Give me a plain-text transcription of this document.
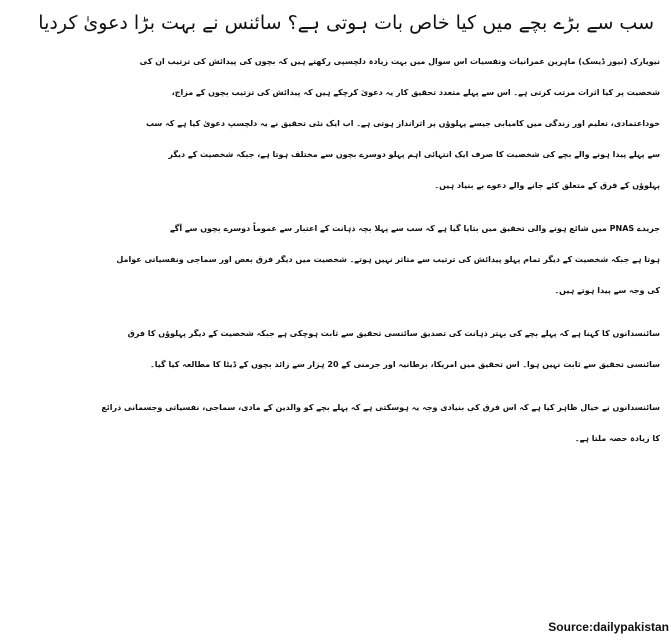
سب سے بڑے بچے میں کیا خاص بات ہوتی ہے؟ سائنس نے بہت بڑا دعویٰ کردیا

نیویارک (نیوز ڈیسک) ماہرین عمرانیات ونفسیات اس سوال میں بہت زیادہ دلچسپی رکھتے ہیں کہ بچوں کی پیدائش کی ترتیب ان کی
شخصیت پر کیا اثرات مرتب کرتی ہے۔ اس سے پہلے متعدد تحقیق کار یہ دعویٰ کرچکے ہیں کہ پیدائش کی ترتیب بچوں کے مزاج،
خوداعتمادی، تعلیم اور زندگی میں کامیابی جیسے پہلوؤں پر اثرانداز ہوتی ہے۔ اب ایک نئی تحقیق نے یہ دلچسپ دعویٰ کیا ہے کہ سب
سے پہلے پیدا ہونے والے بچے کی شخصیت کا صرف ایک انتہائی اہم پہلو دوسرے بچوں سے مختلف ہوتا ہے، جبکہ شخصیت کے دیگر
پہلوؤں کے فرق کے متعلق کئے جانے والے دعوے بے بنیاد ہیں۔

جریدے PNAS میں شائع ہونے والی تحقیق میں بتایا گیا ہے کہ سب سے پہلا بچہ ذہانت کے اعتبار سے عموماً دوسرے بچوں سے آگے
ہوتا ہے جبکہ شخصیت کے دیگر تمام پہلو پیدائش کی ترتیب سے متاثر نہیں ہوتے۔ شخصیت میں دیگر فرق بعض اور سماجی ونفسیاتی عوامل
کی وجہ سے پیدا ہوتے ہیں۔

سائنسدانوں کا کہنا ہے کہ پہلے بچے کی بہتر ذہانت کی تصدیق سائنسی تحقیق سے ثابت ہوچکی ہے جبکہ شخصیت کے دیگر پہلوؤں کا فرق
سائنسی تحقیق سے ثابت نہیں ہوا۔ اس تحقیق میں امریکا، برطانیہ اور جرمنی کے 20 ہزار سے زائد بچوں کے ڈیٹا کا مطالعہ کیا گیا۔

سائنسدانوں نے خیال ظاہر کیا ہے کہ اس فرق کی بنیادی وجہ یہ ہوسکتی ہے کہ پہلے بچے کو والدین کے مادی، سماجی، نفسیاتی وجسمانی ذرائع
کا زیادہ حصہ ملتا ہے۔

Source:dailypakistan
